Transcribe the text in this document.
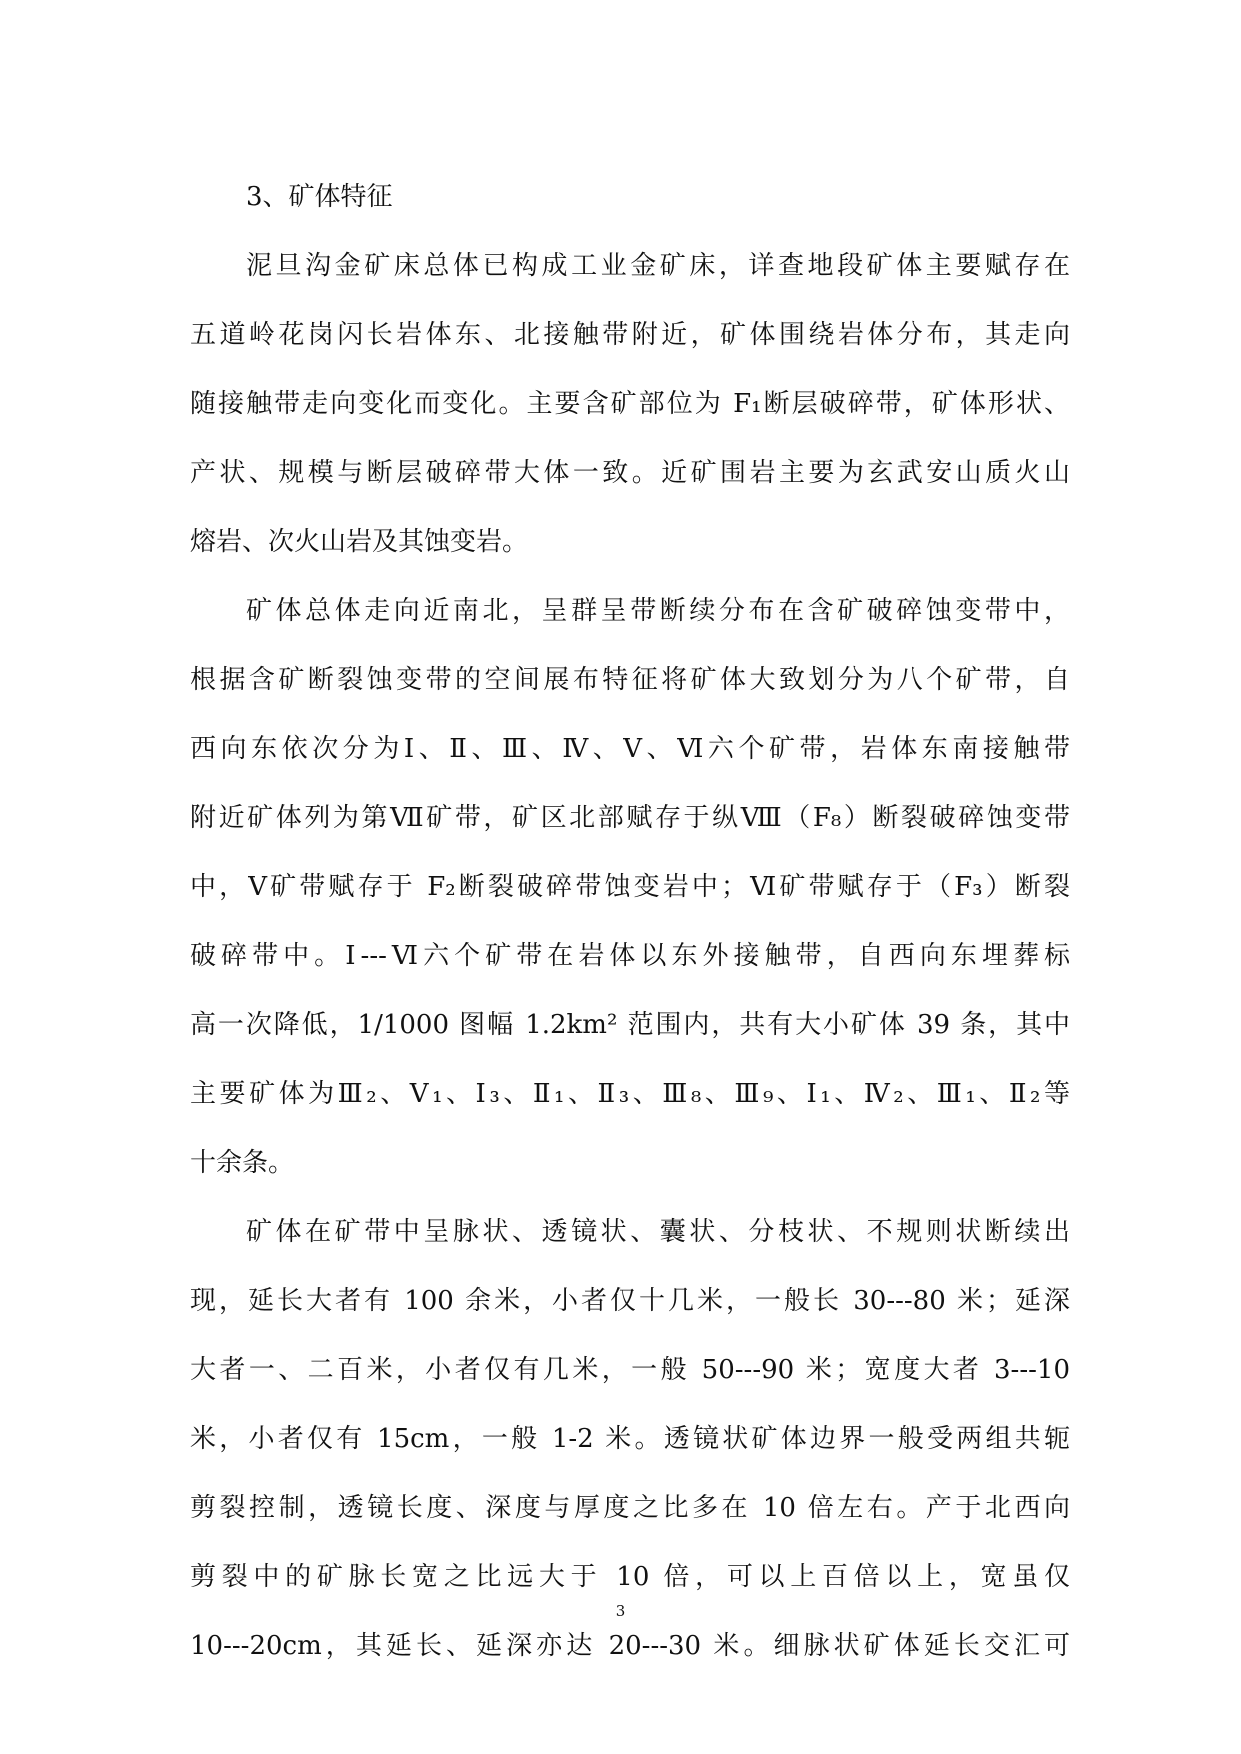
3、矿体特征
泥旦沟金矿床总体已构成工业金矿床，详查地段矿体主要赋存在
五道岭花岗闪长岩体东、北接触带附近，矿体围绕岩体分布，其走向
随接触带走向变化而变化。主要含矿部位为 F₁断层破碎带，矿体形状、
产状、规模与断层破碎带大体一致。近矿围岩主要为玄武安山质火山
熔岩、次火山岩及其蚀变岩。
矿体总体走向近南北，呈群呈带断续分布在含矿破碎蚀变带中，
根据含矿断裂蚀变带的空间展布特征将矿体大致划分为八个矿带，自
西向东依次分为Ⅰ、Ⅱ、Ⅲ、Ⅳ、Ⅴ、Ⅵ六个矿带，岩体东南接触带
附近矿体列为第Ⅶ矿带，矿区北部赋存于纵Ⅷ（F₈）断裂破碎蚀变带
中，Ⅴ矿带赋存于 F₂断裂破碎带蚀变岩中；Ⅵ矿带赋存于（F₃）断裂
破碎带中。Ⅰ---Ⅵ六个矿带在岩体以东外接触带，自西向东埋葬标
高一次降低，1/1000 图幅 1.2km² 范围内，共有大小矿体 39 条，其中
主要矿体为Ⅲ₂、Ⅴ₁、Ⅰ₃、Ⅱ₁、Ⅱ₃、Ⅲ₈、Ⅲ₉、Ⅰ₁、Ⅳ₂、Ⅲ₁、Ⅱ₂等
十余条。
矿体在矿带中呈脉状、透镜状、囊状、分枝状、不规则状断续出
现，延长大者有 100 余米，小者仅十几米，一般长 30---80 米；延深
大者一、二百米，小者仅有几米，一般 50---90 米；宽度大者 3---10
米，小者仅有 15cm，一般 1-2 米。透镜状矿体边界一般受两组共轭
剪裂控制，透镜长度、深度与厚度之比多在 10 倍左右。产于北西向
剪裂中的矿脉长宽之比远大于 10 倍，可以上百倍以上，宽虽仅
10---20cm，其延长、延深亦达 20---30 米。细脉状矿体延长交汇可
3
